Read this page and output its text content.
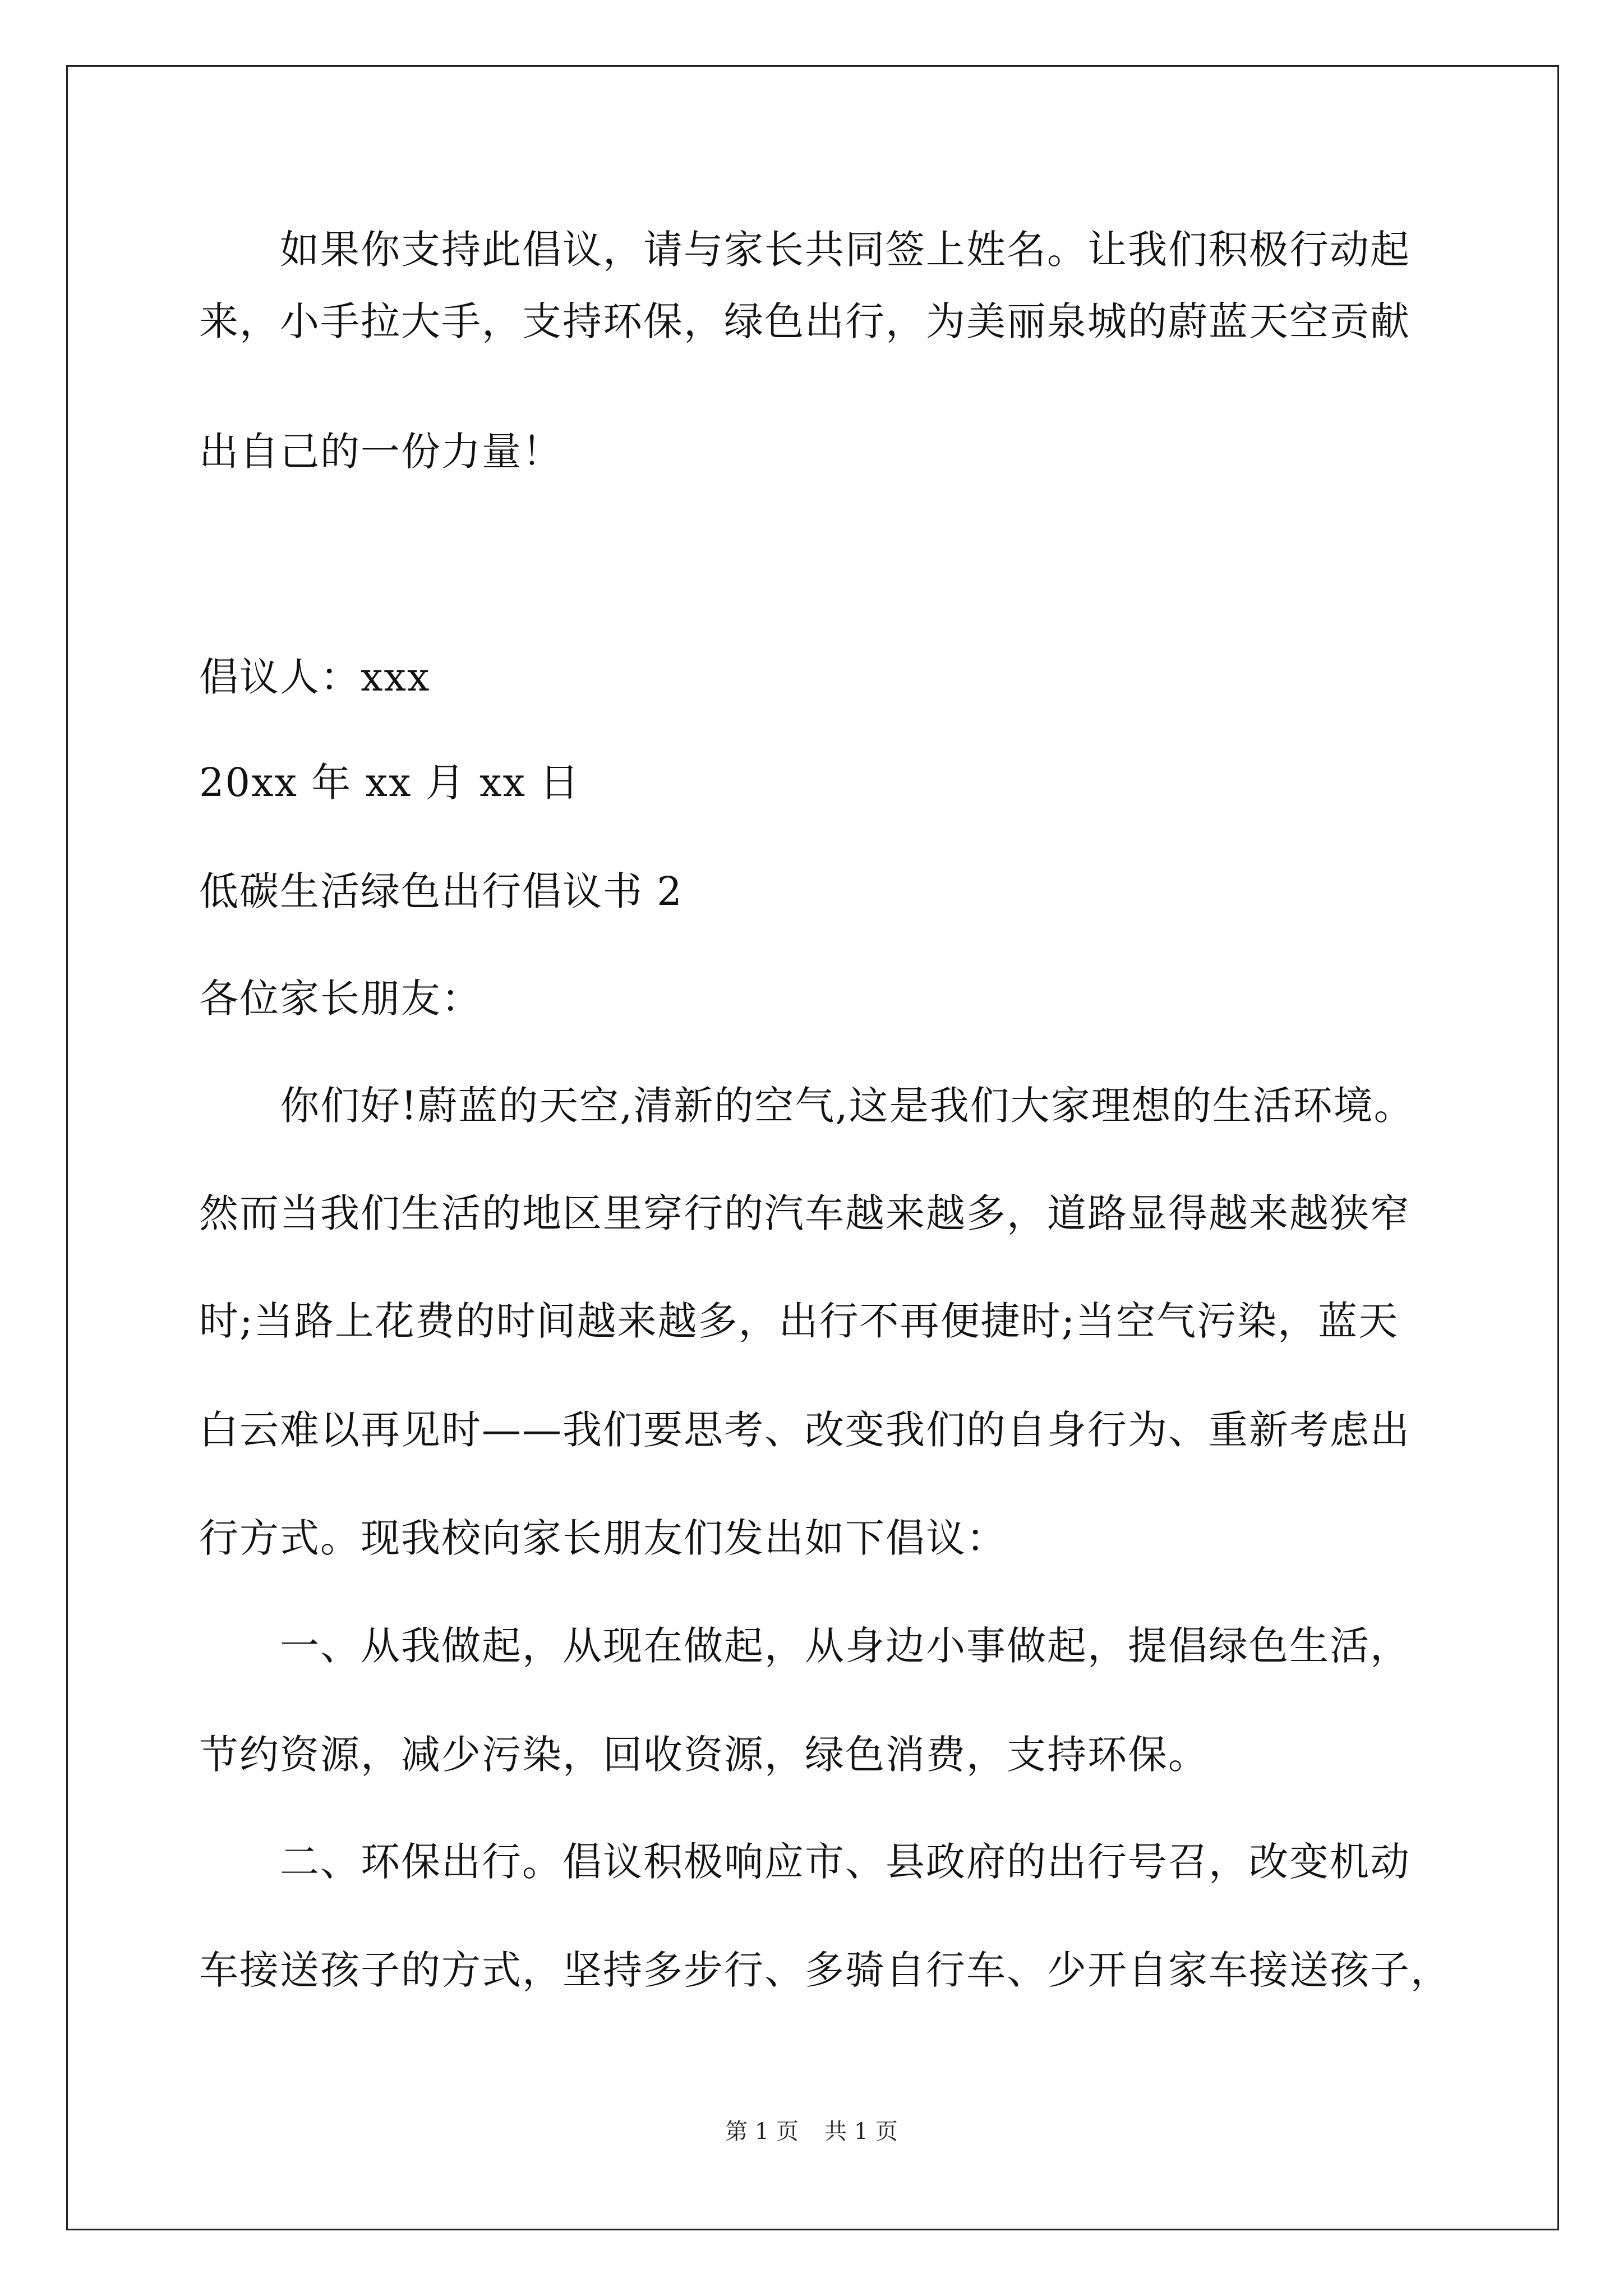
如果你支持此倡议，请与家长共同签上姓名。让我们积极行动起
来，小手拉大手，支持环保，绿色出行，为美丽泉城的蔚蓝天空贡献
出自己的一份力量！
倡议人：xxx
20xx 年 xx 月 xx 日
低碳生活绿色出行倡议书 2
各位家长朋友：
你们好!蔚蓝的天空,清新的空气,这是我们大家理想的生活环境。
然而当我们生活的地区里穿行的汽车越来越多，道路显得越来越狭窄
时;当路上花费的时间越来越多，出行不再便捷时;当空气污染，蓝天
白云难以再见时——我们要思考、改变我们的自身行为、重新考虑出
行方式。现我校向家长朋友们发出如下倡议：
一、从我做起，从现在做起，从身边小事做起，提倡绿色生活，
节约资源，减少污染，回收资源，绿色消费，支持环保。
二、环保出行。倡议积极响应市、县政府的出行号召，改变机动
车接送孩子的方式，坚持多步行、多骑自行车、少开自家车接送孩子，
第 1 页 共 1 页
